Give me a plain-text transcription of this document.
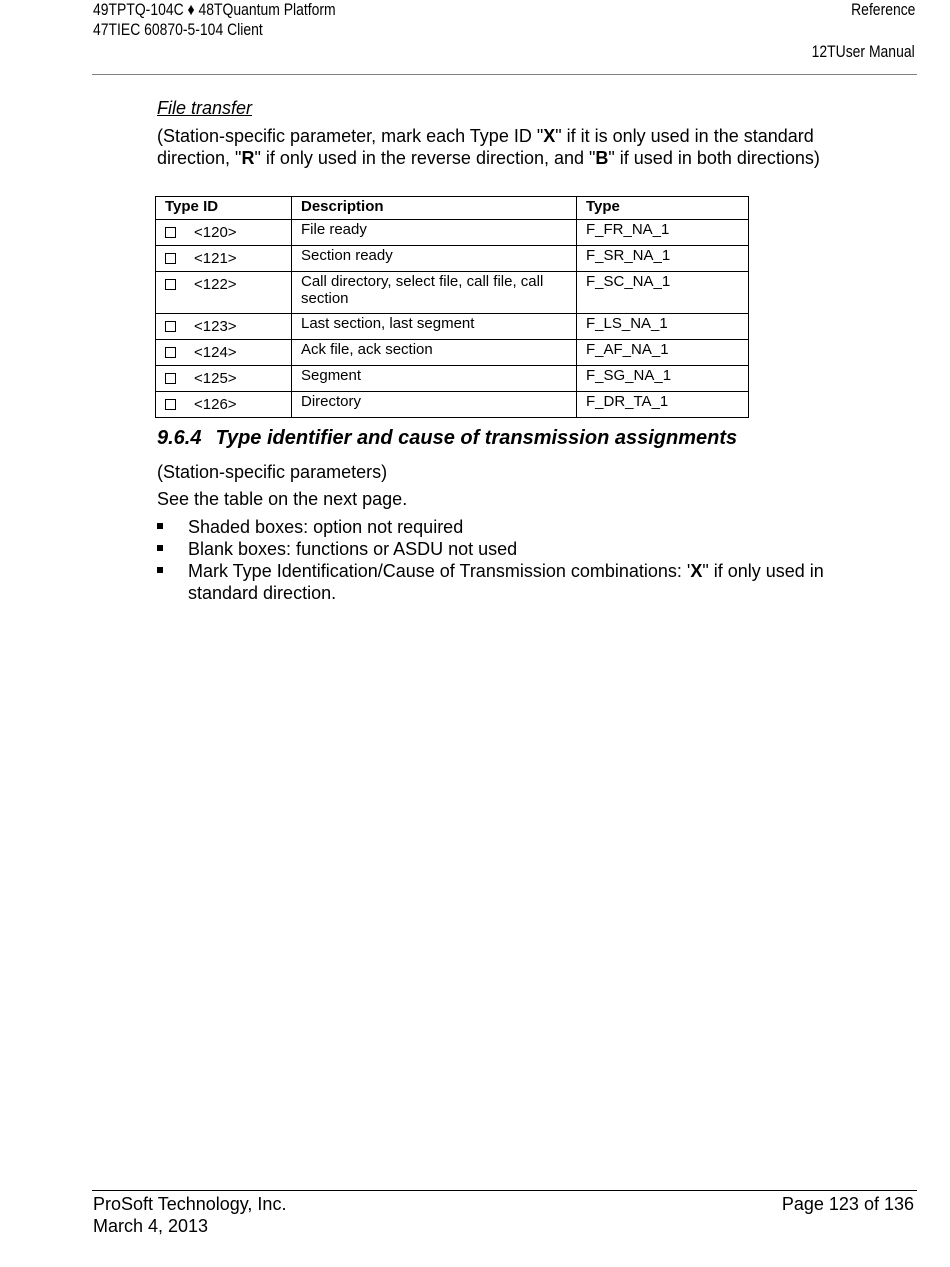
49TPTQ-104C ♦ 48TQuantum Platform
47TIEC 60870-5-104 Client
Reference
12TUser Manual
File transfer
(Station-specific parameter, mark each Type ID "X" if it is only used in the standard direction, "R" if only used in the reverse direction, and "B" if used in both directions)
Type ID	Description	Type
<120>	File ready	F_FR_NA_1
<121>	Section ready	F_SR_NA_1
<122>	Call directory, select file, call file, call section	F_SC_NA_1
<123>	Last section, last segment	F_LS_NA_1
<124>	Ack file, ack section	F_AF_NA_1
<125>	Segment	F_SG_NA_1
<126>	Directory	F_DR_TA_1
9.6.4 Type identifier and cause of transmission assignments
(Station-specific parameters)
See the table on the next page.
Shaded boxes: option not required
Blank boxes: functions or ASDU not used
Mark Type Identification/Cause of Transmission combinations: 'X" if only used in standard direction.
ProSoft Technology, Inc.
March 4, 2013
Page 123 of 136
